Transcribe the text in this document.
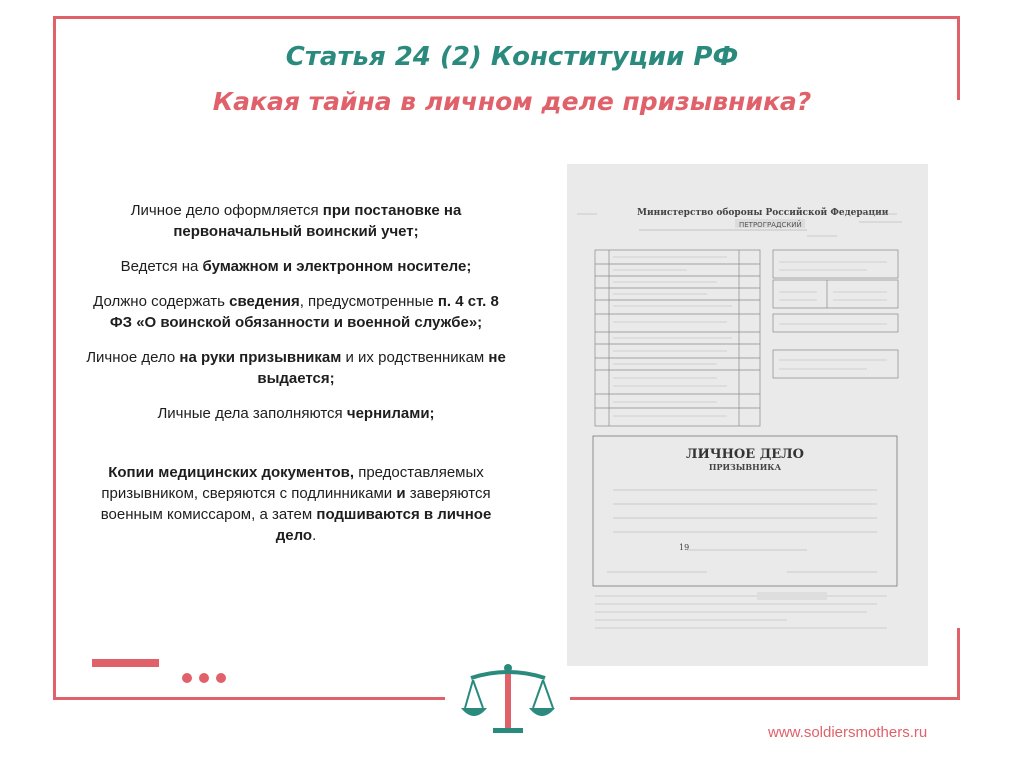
Статья 24 (2) Конституции РФ
Какая тайна в личном деле призывника?

Личное дело оформляется при постановке на первоначальный воинский учет;

Ведется на бумажном и электронном носителе;

Должно содержать сведения, предусмотренные п. 4 ст. 8 ФЗ «О воинской обязанности и военной службе»;

Личное дело на руки призывникам и их родственникам не выдается;

Личные дела заполняются чернилами;

Копии медицинских документов, предоставляемых призывником, сверяются с подлинниками и заверяются военным комиссаром, а затем подшиваются в личное дело.

Министерство обороны Российской Федерации
ПЕТРОГРАДСКИЙ
ЛИЧНОЕ ДЕЛО
ПРИЗЫВНИКА
19
www.soldiersmothers.ru
